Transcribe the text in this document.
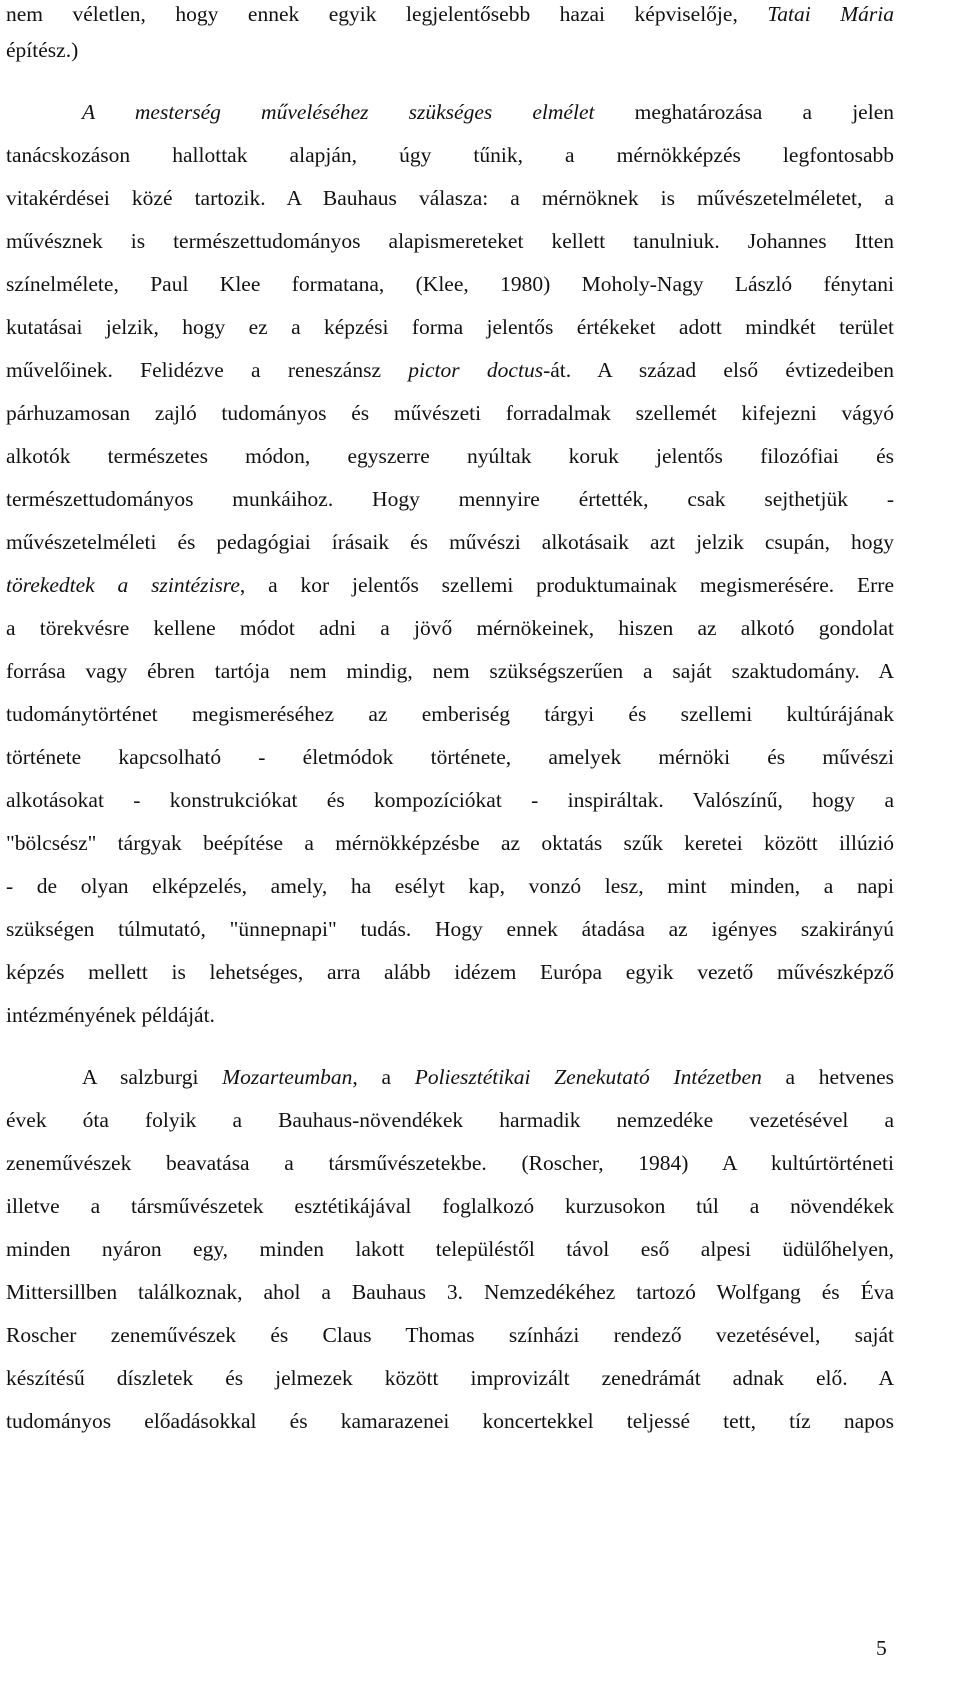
nem véletlen, hogy ennek egyik legjelentősebb hazai képviselője, Tatai Mária
építész.)
A mesterség műveléséhez szükséges elmélet meghatározása a jelen
tanácskozáson hallottak alapján, úgy tűnik, a mérnökképzés legfontosabb
vitakérdései közé tartozik. A Bauhaus válasza: a mérnöknek is művészetelméletet, a
művésznek is természettudományos alapismereteket kellett tanulniuk. Johannes Itten
színelmélete, Paul Klee formatana, (Klee, 1980) Moholy-Nagy László fénytani
kutatásai jelzik, hogy ez a képzési forma jelentős értékeket adott mindkét terület
művelőinek. Felidézve a reneszánsz pictor doctus-át. A század első évtizedeiben
párhuzamosan zajló tudományos és művészeti forradalmak szellemét kifejezni vágyó
alkotók természetes módon, egyszerre nyúltak koruk jelentős filozófiai és
természettudományos munkáihoz. Hogy mennyire értették, csak sejthetjük -
művészetelméleti és pedagógiai írásaik és művészi alkotásaik azt jelzik csupán, hogy
törekedtek a szintézisre, a kor jelentős szellemi produktumainak megismerésére. Erre
a törekvésre kellene módot adni a jövő mérnökeinek, hiszen az alkotó gondolat
forrása vagy ébren tartója nem mindig, nem szükségszerűen a saját szaktudomány. A
tudománytörténet megismeréséhez az emberiség tárgyi és szellemi kultúrájának
története kapcsolható - életmódok története, amelyek mérnöki és művészi
alkotásokat - konstrukciókat és kompozíciókat - inspiráltak. Valószínű, hogy a
"bölcsész" tárgyak beépítése a mérnökképzésbe az oktatás szűk keretei között illúzió
- de olyan elképzelés, amely, ha esélyt kap, vonzó lesz, mint minden, a napi
szükségen túlmutató, "ünnepnapi" tudás. Hogy ennek átadása az igényes szakirányú
képzés mellett is lehetséges, arra alább idézem Európa egyik vezető művészképző
intézményének példáját.
A salzburgi Mozarteumban, a Poliesztétikai Zenekutató Intézetben a hetvenes
évek óta folyik a Bauhaus-növendékek harmadik nemzedéke vezetésével a
zeneművészek beavatása a társművészetekbe. (Roscher, 1984) A kultúrtörténeti
illetve a társművészetek esztétikájával foglalkozó kurzusokon túl a növendékek
minden nyáron egy, minden lakott településtől távol eső alpesi üdülőhelyen,
Mittersillben találkoznak, ahol a Bauhaus 3. Nemzedékéhez tartozó Wolfgang és Éva
Roscher zeneművészek és Claus Thomas színházi rendező vezetésével, saját
készítésű díszletek és jelmezek között improvizált zenedrámát adnak elő. A
tudományos előadásokkal és kamarazenei koncertekkel teljessé tett, tíz napos
5
